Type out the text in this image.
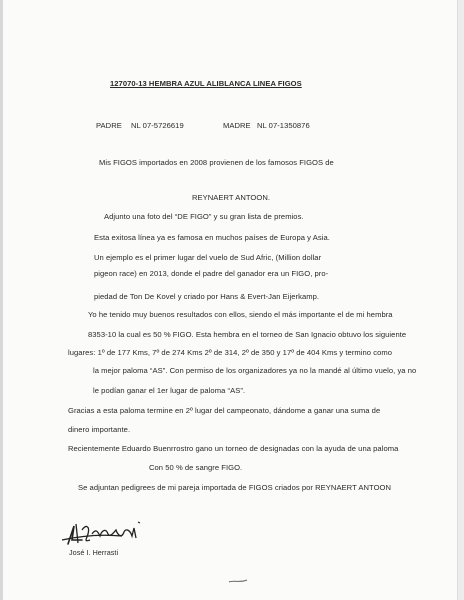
127070-13 HEMBRA AZUL ALIBLANCA LINEA FIGOS
PADRE NL 07-5726619	MADRE NL 07-1350876
Mis FIGOS importados en 2008 provienen de los famosos FIGOS de
REYNAERT ANTOON.
Adjunto una foto del “DE FIGO” y su gran lista de premios.
Esta exitosa línea ya es famosa en muchos países de Europa y Asia.
Un ejemplo es el primer lugar del vuelo de Sud Afric, (Million dollar
pigeon race) en 2013, donde el padre del ganador era un FIGO, pro-
piedad de Ton De Kovel y criado por Hans & Evert-Jan Eijerkamp.
Yo he tenido muy buenos resultados con ellos, siendo el más importante el de mi hembra
8353-10 la cual es 50 % FIGO. Esta hembra en el torneo de San Ignacio obtuvo los siguiente
lugares: 1º de 177 Kms, 7º de 274 Kms 2º de 314, 2º de 350 y 17º de 404 Kms y termino como
la mejor paloma “AS”. Con permiso de los organizadores ya no la mandé al último vuelo, ya no
le podían ganar el 1er lugar de paloma “AS”.
Gracias a esta paloma termine en 2º lugar del campeonato, dándome a ganar una suma de
dinero importante.
Recientemente Eduardo Buenrrostro gano un torneo de designadas con la ayuda de una paloma
Con 50 % de sangre FIGO.
Se adjuntan pedigrees de mi pareja importada de FIGOS criados por REYNAERT ANTOON
José I. Herrasti
